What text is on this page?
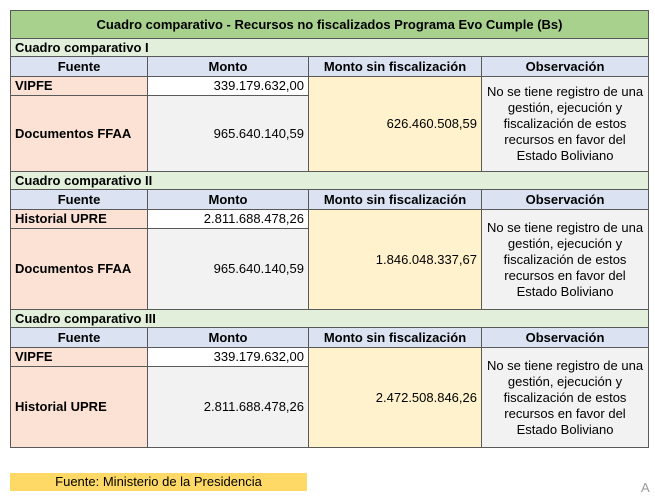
Cuadro comparativo - Recursos no fiscalizados Programa Evo Cumple (Bs)			
Cuadro comparativo I			
Fuente	Monto	Monto sin fiscalización	Observación
VIPFE	339.179.632,00	626.460.508,59	No se tiene registro de una gestión, ejecución y fiscalización de estos recursos en favor del Estado Boliviano
Documentos FFAA	965.640.140,59		
Cuadro comparativo II			
Fuente	Monto	Monto sin fiscalización	Observación
Historial UPRE	2.811.688.478,26	1.846.048.337,67	No se tiene registro de una gestión, ejecución y fiscalización de estos recursos en favor del Estado Boliviano
Documentos FFAA	965.640.140,59		
Cuadro comparativo III			
Fuente	Monto	Monto sin fiscalización	Observación
VIPFE	339.179.632,00	2.472.508.846,26	No se tiene registro de una gestión, ejecución y fiscalización de estos recursos en favor del Estado Boliviano
Historial UPRE	2.811.688.478,26		
Fuente: Ministerio de la Presidencia	A
